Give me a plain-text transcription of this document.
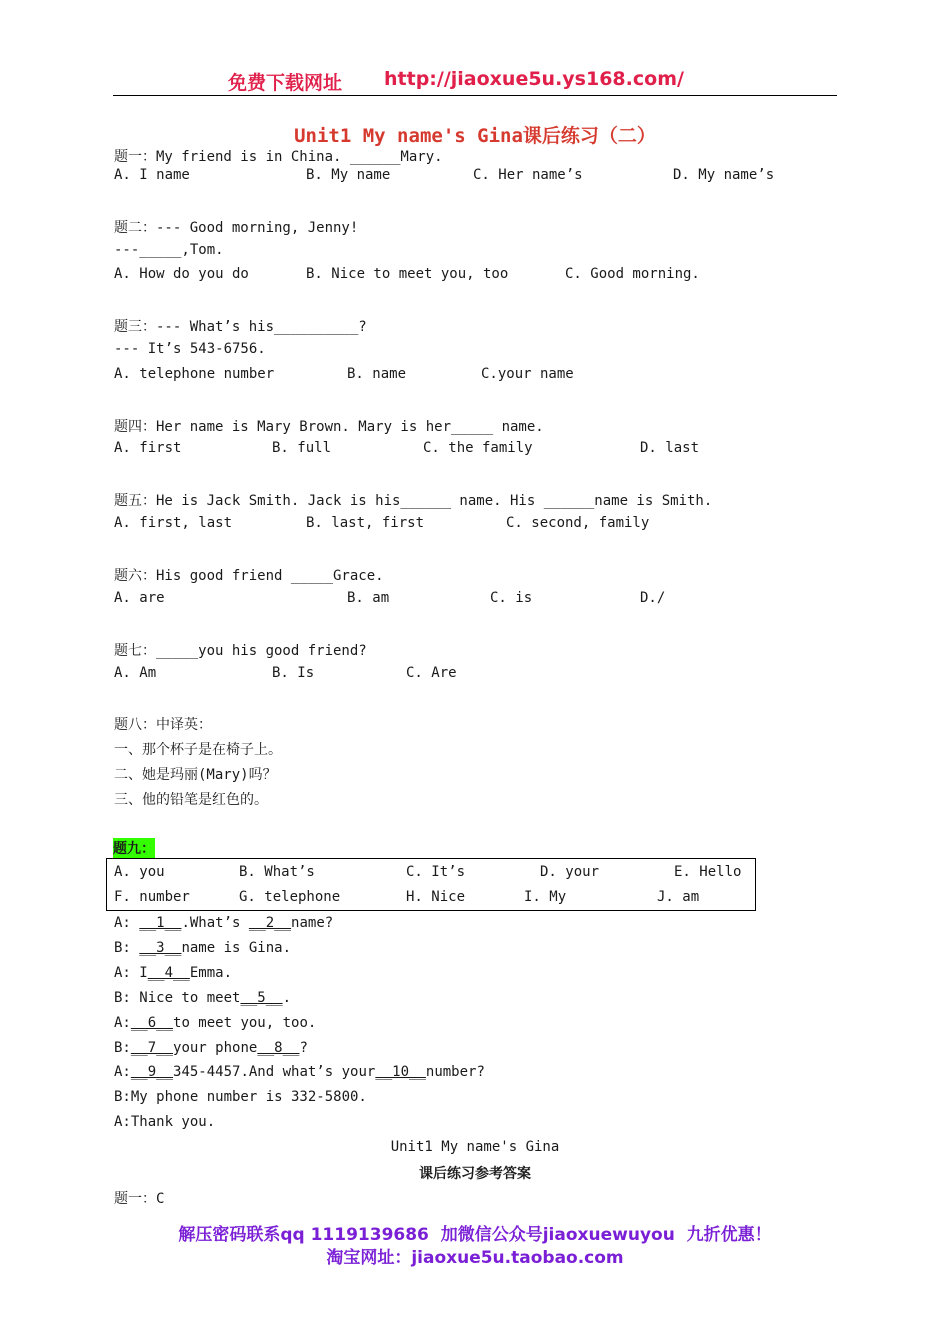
免费下载网址 http://jiaoxue5u.ys168.com/
Unit1 My name's Gina课后练习（二）
题一：My friend is in China. ______Mary.
A. I name	B. My name	C. Her name’s	D. My name’s
题二：--- Good morning, Jenny!
---_____,Tom.
A. How do you do	B. Nice to meet you, too	C. Good morning.
题三：--- What’s his__________?
--- It’s 543-6756.
A. telephone number	B. name	C.your name
题四：Her name is Mary Brown. Mary is her_____ name.
A. first	B. full	C. the family	D. last
题五：He is Jack Smith. Jack is his______ name. His ______name is Smith.
A. first, last	B. last, first	C. second, family
题六：His good friend _____Grace.
A. are	B. am	C. is	D./
题七：_____you his good friend?
A. Am	B. Is	C. Are
题八：中译英：
一、那个杯子是在椅子上。
二、她是玛丽(Mary)吗？
三、他的铅笔是红色的。
题九：
A. you	B. What’s	C. It’s	D. your	E. Hello
F. number	G. telephone	H. Nice	I. My	J. am
A: __1__.What’s __2__name?
B: __3__name is Gina.
A: I__4__Emma.
B: Nice to meet__5__.
A:__6__to meet you, too.
B:__7__your phone__8__?
A:__9__345-4457.And what’s your__10__number?
B:My phone number is 332-5800.
A:Thank you.
Unit1 My name's Gina
课后练习参考答案
题一：C
解压密码联系qq 1119139686 加微信公众号jiaoxuewuyou 九折优惠！
淘宝网址：jiaoxue5u.taobao.com
